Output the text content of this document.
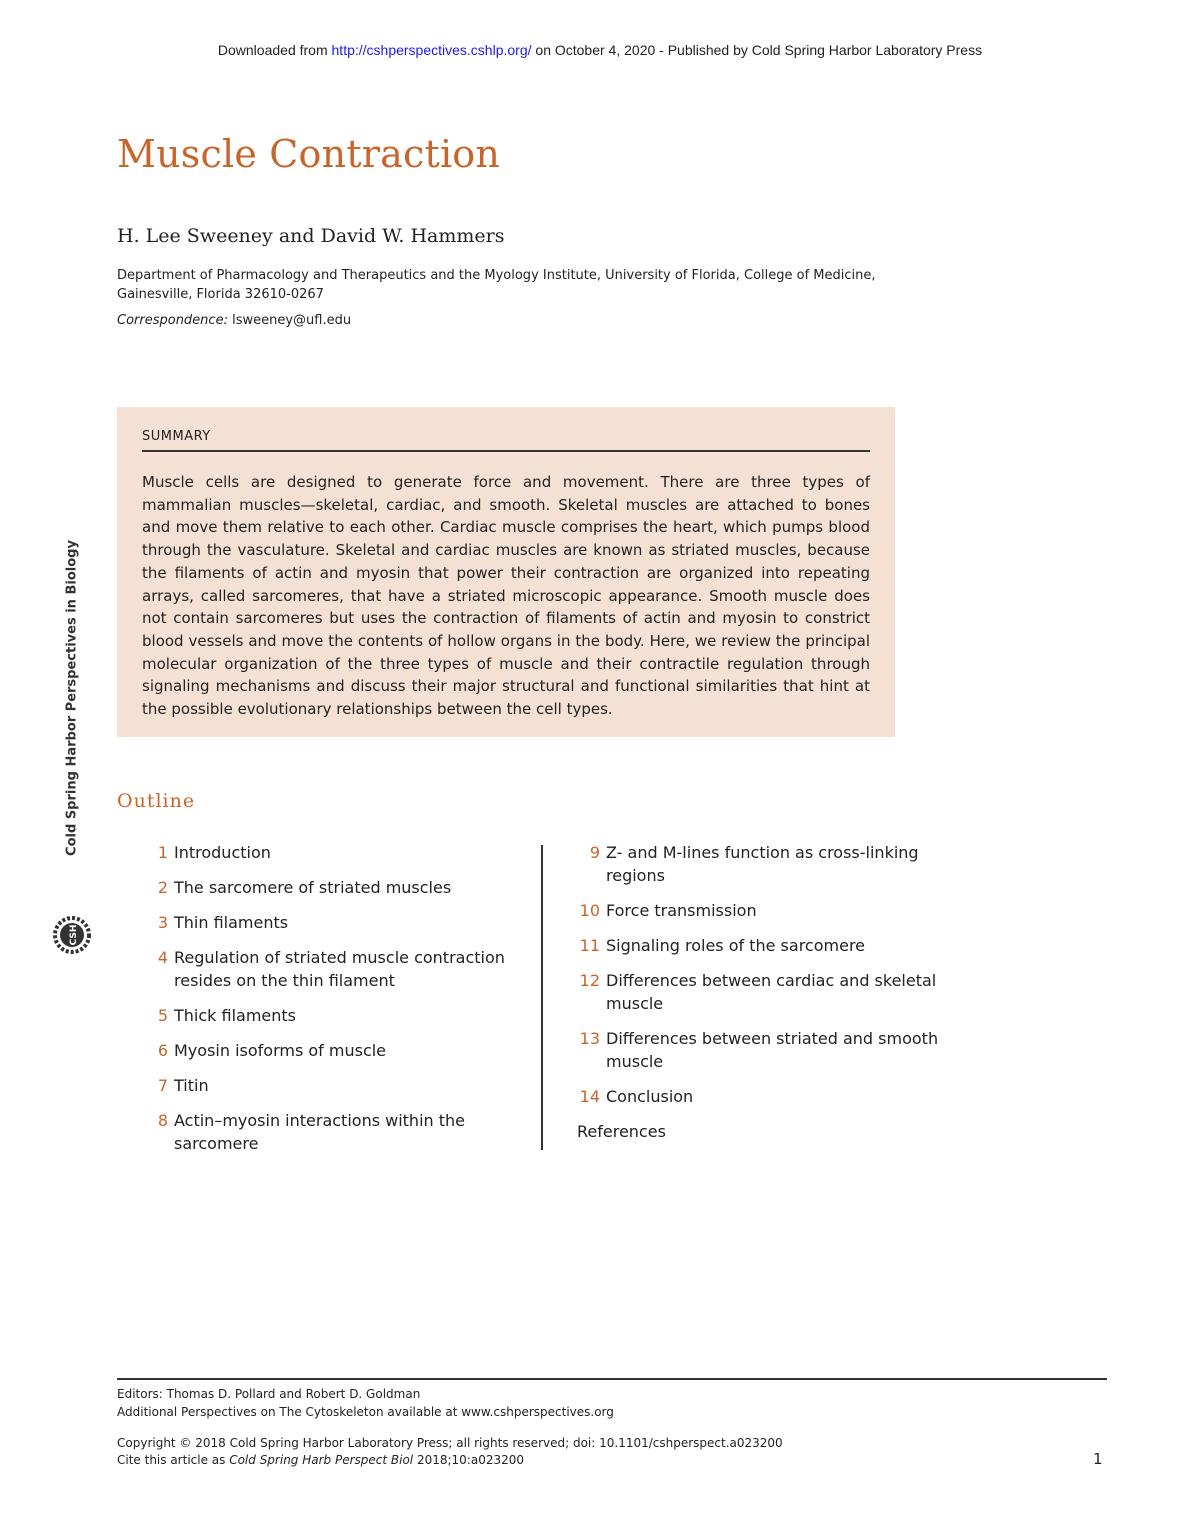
Downloaded from http://cshperspectives.cshlp.org/ on October 4, 2020 - Published by Cold Spring Harbor Laboratory Press
Muscle Contraction
H. Lee Sweeney and David W. Hammers
Department of Pharmacology and Therapeutics and the Myology Institute, University of Florida, College of Medicine, Gainesville, Florida 32610-0267
Correspondence: lsweeney@ufl.edu
SUMMARY
Muscle cells are designed to generate force and movement. There are three types of mammalian muscles—skeletal, cardiac, and smooth. Skeletal muscles are attached to bones and move them relative to each other. Cardiac muscle comprises the heart, which pumps blood through the vasculature. Skeletal and cardiac muscles are known as striated muscles, because the filaments of actin and myosin that power their contraction are organized into repeating arrays, called sarcomeres, that have a striated microscopic appearance. Smooth muscle does not contain sarcomeres but uses the contraction of filaments of actin and myosin to constrict blood vessels and move the contents of hollow organs in the body. Here, we review the principal molecular organization of the three types of muscle and their contractile regulation through signaling mechanisms and discuss their major structural and functional similarities that hint at the possible evolutionary relationships between the cell types.
Cold Spring Harbor Perspectives in Biology
CSH
Outline
1 Introduction
2 The sarcomere of striated muscles
3 Thin filaments
4 Regulation of striated muscle contraction resides on the thin filament
5 Thick filaments
6 Myosin isoforms of muscle
7 Titin
8 Actin–myosin interactions within the sarcomere
9 Z- and M-lines function as cross-linking regions
10 Force transmission
11 Signaling roles of the sarcomere
12 Differences between cardiac and skeletal muscle
13 Differences between striated and smooth muscle
14 Conclusion
References
Editors: Thomas D. Pollard and Robert D. Goldman
Additional Perspectives on The Cytoskeleton available at www.cshperspectives.org
Copyright © 2018 Cold Spring Harbor Laboratory Press; all rights reserved; doi: 10.1101/cshperspect.a023200
Cite this article as Cold Spring Harb Perspect Biol 2018;10:a023200	1
